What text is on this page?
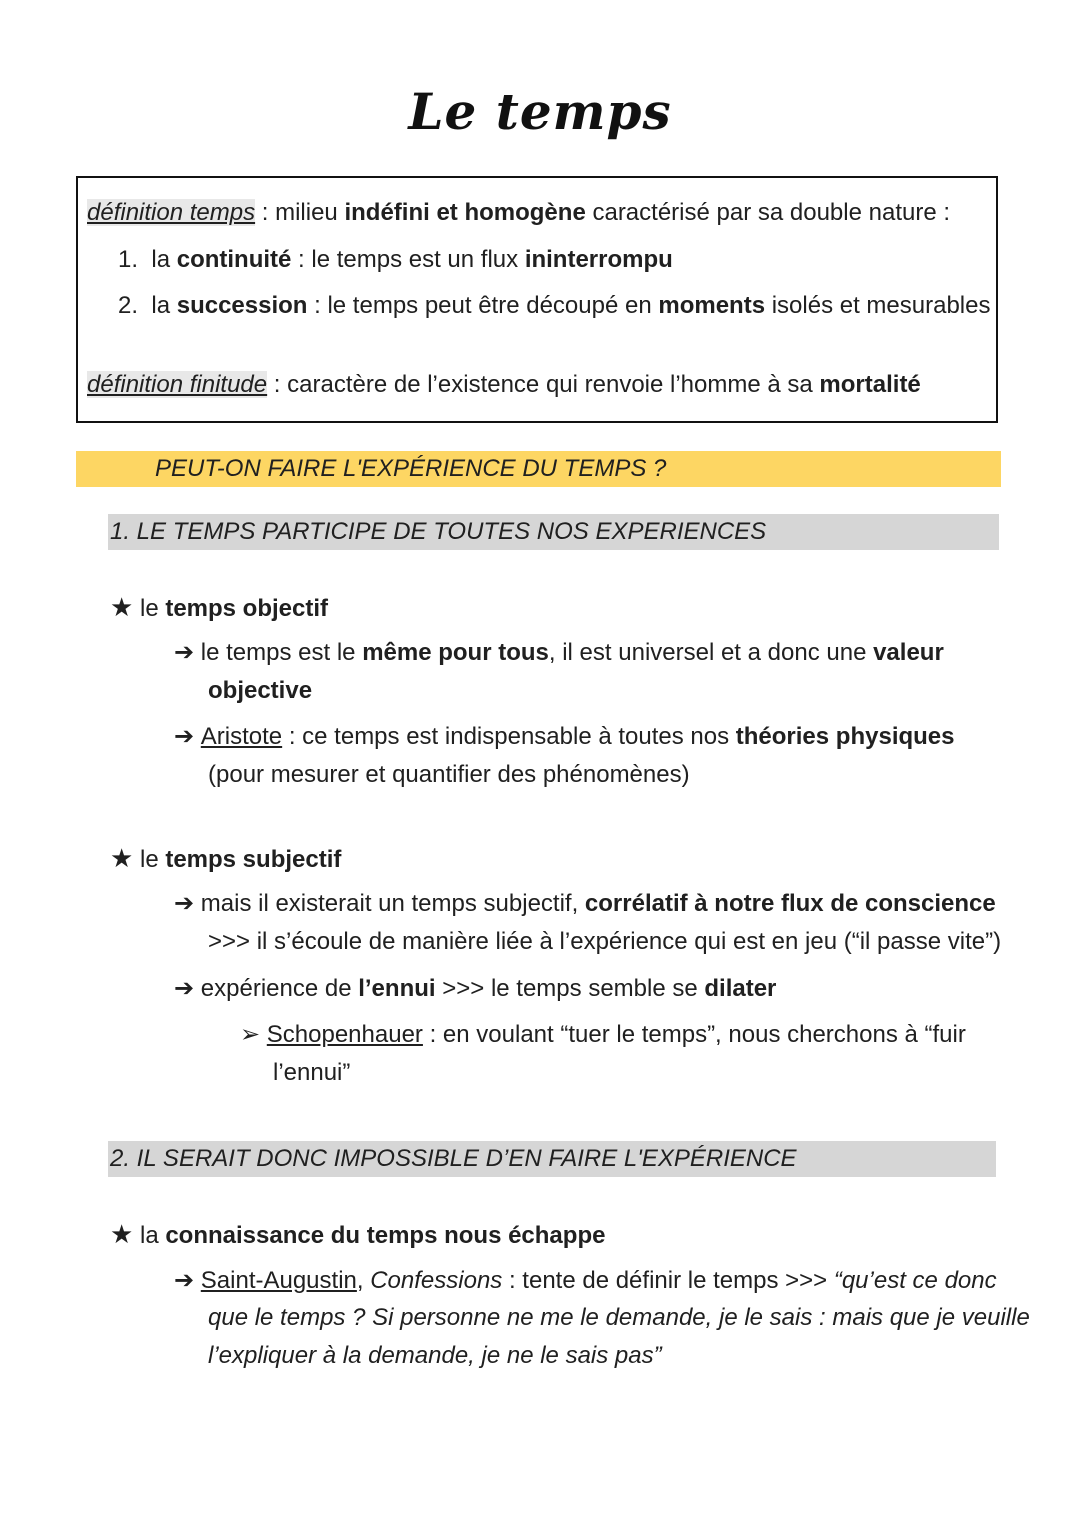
Le temps
définition temps : milieu indéfini et homogène caractérisé par sa double nature :
1. la continuité : le temps est un flux ininterrompu
2. la succession : le temps peut être découpé en moments isolés et mesurables
définition finitude : caractère de l’existence qui renvoie l’homme à sa mortalité
PEUT-ON FAIRE L'EXPÉRIENCE DU TEMPS ?
1. LE TEMPS PARTICIPE DE TOUTES NOS EXPERIENCES
★ le temps objectif
➔ le temps est le même pour tous, il est universel et a donc une valeur
objective
➔ Aristote : ce temps est indispensable à toutes nos théories physiques
(pour mesurer et quantifier des phénomènes)
★ le temps subjectif
➔ mais il existerait un temps subjectif, corrélatif à notre flux de conscience
>>> il s’écoule de manière liée à l’expérience qui est en jeu (“il passe vite”)
➔ expérience de l’ennui >>> le temps semble se dilater
➢ Schopenhauer : en voulant “tuer le temps”, nous cherchons à “fuir
l’ennui”
2. IL SERAIT DONC IMPOSSIBLE D’EN FAIRE L'EXPÉRIENCE
★ la connaissance du temps nous échappe
➔ Saint-Augustin, Confessions : tente de définir le temps >>> “qu’est ce donc
que le temps ? Si personne ne me le demande, je le sais : mais que je veuille
l’expliquer à la demande, je ne le sais pas”
